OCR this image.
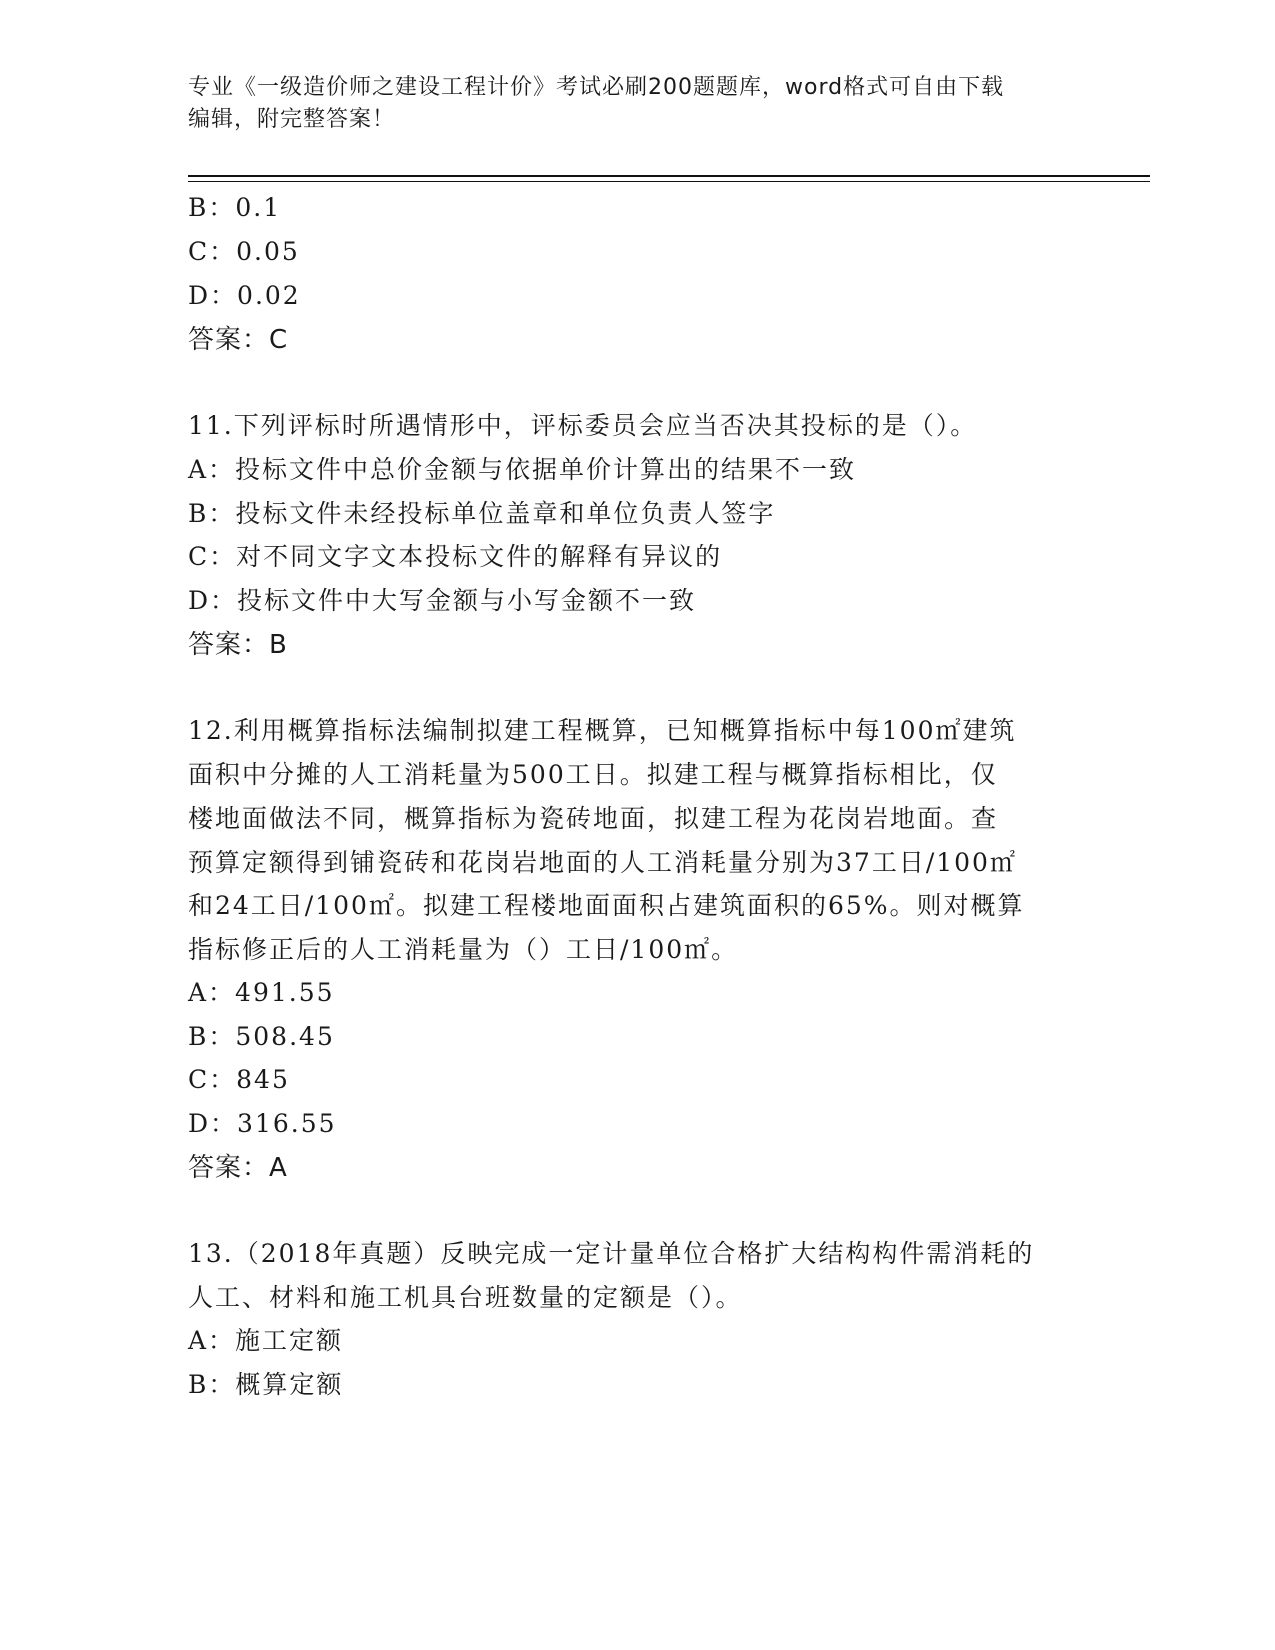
专业《一级造价师之建设工程计价》考试必刷200题题库，word格式可自由下载
编辑，附完整答案！
B：0.1
C：0.05
D：0.02
答案：C
11.下列评标时所遇情形中，评标委员会应当否决其投标的是（）。
A：投标文件中总价金额与依据单价计算出的结果不一致
B：投标文件未经投标单位盖章和单位负责人签字
C：对不同文字文本投标文件的解释有异议的
D：投标文件中大写金额与小写金额不一致
答案：B
12.利用概算指标法编制拟建工程概算，已知概算指标中每100㎡建筑
面积中分摊的人工消耗量为500工日。拟建工程与概算指标相比，仅
楼地面做法不同，概算指标为瓷砖地面，拟建工程为花岗岩地面。查
预算定额得到铺瓷砖和花岗岩地面的人工消耗量分别为37工日/100㎡
和24工日/100㎡。拟建工程楼地面面积占建筑面积的65%。则对概算
指标修正后的人工消耗量为（）工日/100㎡。
A：491.55
B：508.45
C：845
D：316.55
答案：A
13.（2018年真题）反映完成一定计量单位合格扩大结构构件需消耗的
人工、材料和施工机具台班数量的定额是（）。
A：施工定额
B：概算定额
